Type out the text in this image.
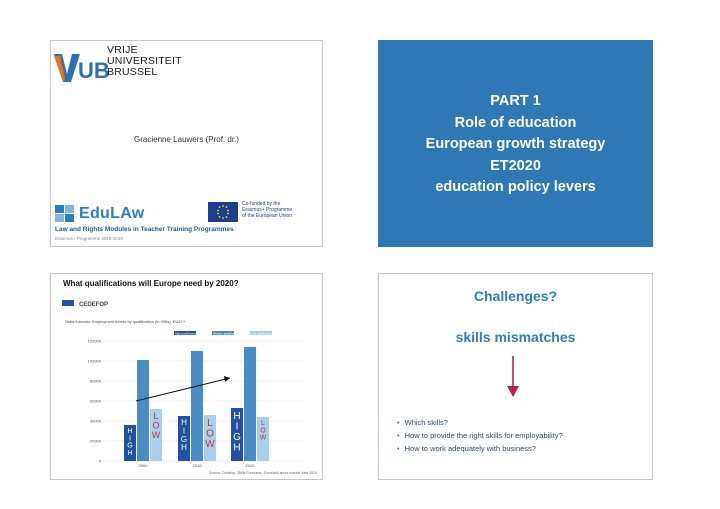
UB
VRIJE
UNIVERSITEIT
BRUSSEL
Gracienne Lauwers (Prof. dr.)
EduLAw
Law and Rights Modules in Teacher Training Programmes
Erasmus+ Programme 2016-2019
Co-funded by the
Erasmus+ Programme
of the European Union
PART 1
Role of education
European growth strategy
ET2020
education policy levers
What qualifications will Europe need by 2020?
CEDEFOP
Skills forecast: Employment trends by qualification (in 000s), EU27+
High qualification	Medium qualification	Low qualification
0
20000
40000
60000
80000
100000
120000
H
I
G
H
L
O
W
H
I
G
H
L
O
W
H
I
G
H
L
O
W
2000	2010	2020
Source: Cedefop, Skills Forecasts, Eurostat/Labour market data 2010
Challenges?
skills mismatches
• Which skills?
• How to provide the right skills for employability?
• How to work adequately with business?
